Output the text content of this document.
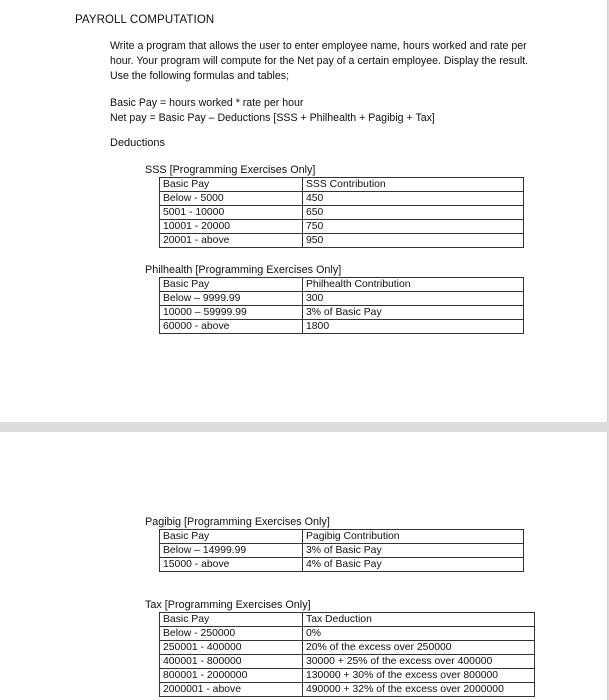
PAYROLL COMPUTATION
Write a program that allows the user to enter employee name, hours worked and rate per hour. Your program will compute for the Net pay of a certain employee. Display the result. Use the following formulas and tables;
Basic Pay = hours worked * rate per hour
Net pay = Basic Pay – Deductions [SSS + Philhealth + Pagibig + Tax]
Deductions
SSS [Programming Exercises Only]
Basic Pay	SSS Contribution
Below - 5000	450
5001 - 10000	650
10001 - 20000	750
20001 - above	950
Philhealth [Programming Exercises Only]
Basic Pay	Philhealth Contribution
Below – 9999.99	300
10000 – 59999.99	3% of Basic Pay
60000 - above	1800
Pagibig [Programming Exercises Only]
Basic Pay	Pagibig Contribution
Below – 14999.99	3% of Basic Pay
15000 - above	4% of Basic Pay
Tax [Programming Exercises Only]
Basic Pay	Tax Deduction
Below - 250000	0%
250001 - 400000	20% of the excess over 250000
400001 - 800000	30000 + 25% of the excess over 400000
800001 - 2000000	130000 + 30% of the excess over 800000
2000001 - above	490000 + 32% of the excess over 2000000
